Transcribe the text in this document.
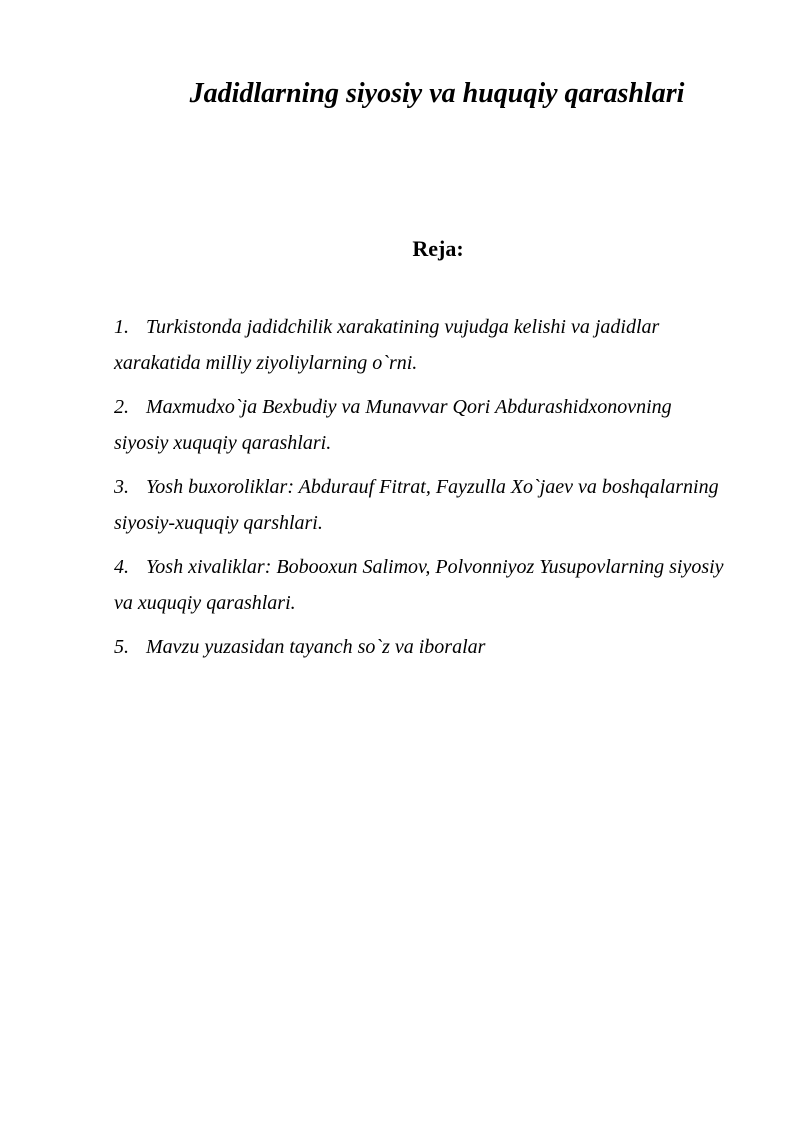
Jadidlarning siyosiy va huquqiy qarashlari
Reja:
1. Turkistonda jadidchilik xarakatining vujudga kelishi va jadidlar xarakatida milliy ziyoliylarning o`rni.
2. Maxmudxo`ja Bexbudiy va Munavvar Qori Abdurashidxonovning siyosiy xuquqiy qarashlari.
3. Yosh buxoroliklar: Abdurauf Fitrat, Fayzulla Xo`jaev va boshqalarning siyosiy-xuquqiy qarshlari.
4. Yosh xivaliklar: Bobooxun Salimov, Polvonniyoz Yusupovlarning siyosiy va xuquqiy qarashlari.
5. Mavzu yuzasidan tayanch so`z va iboralar
